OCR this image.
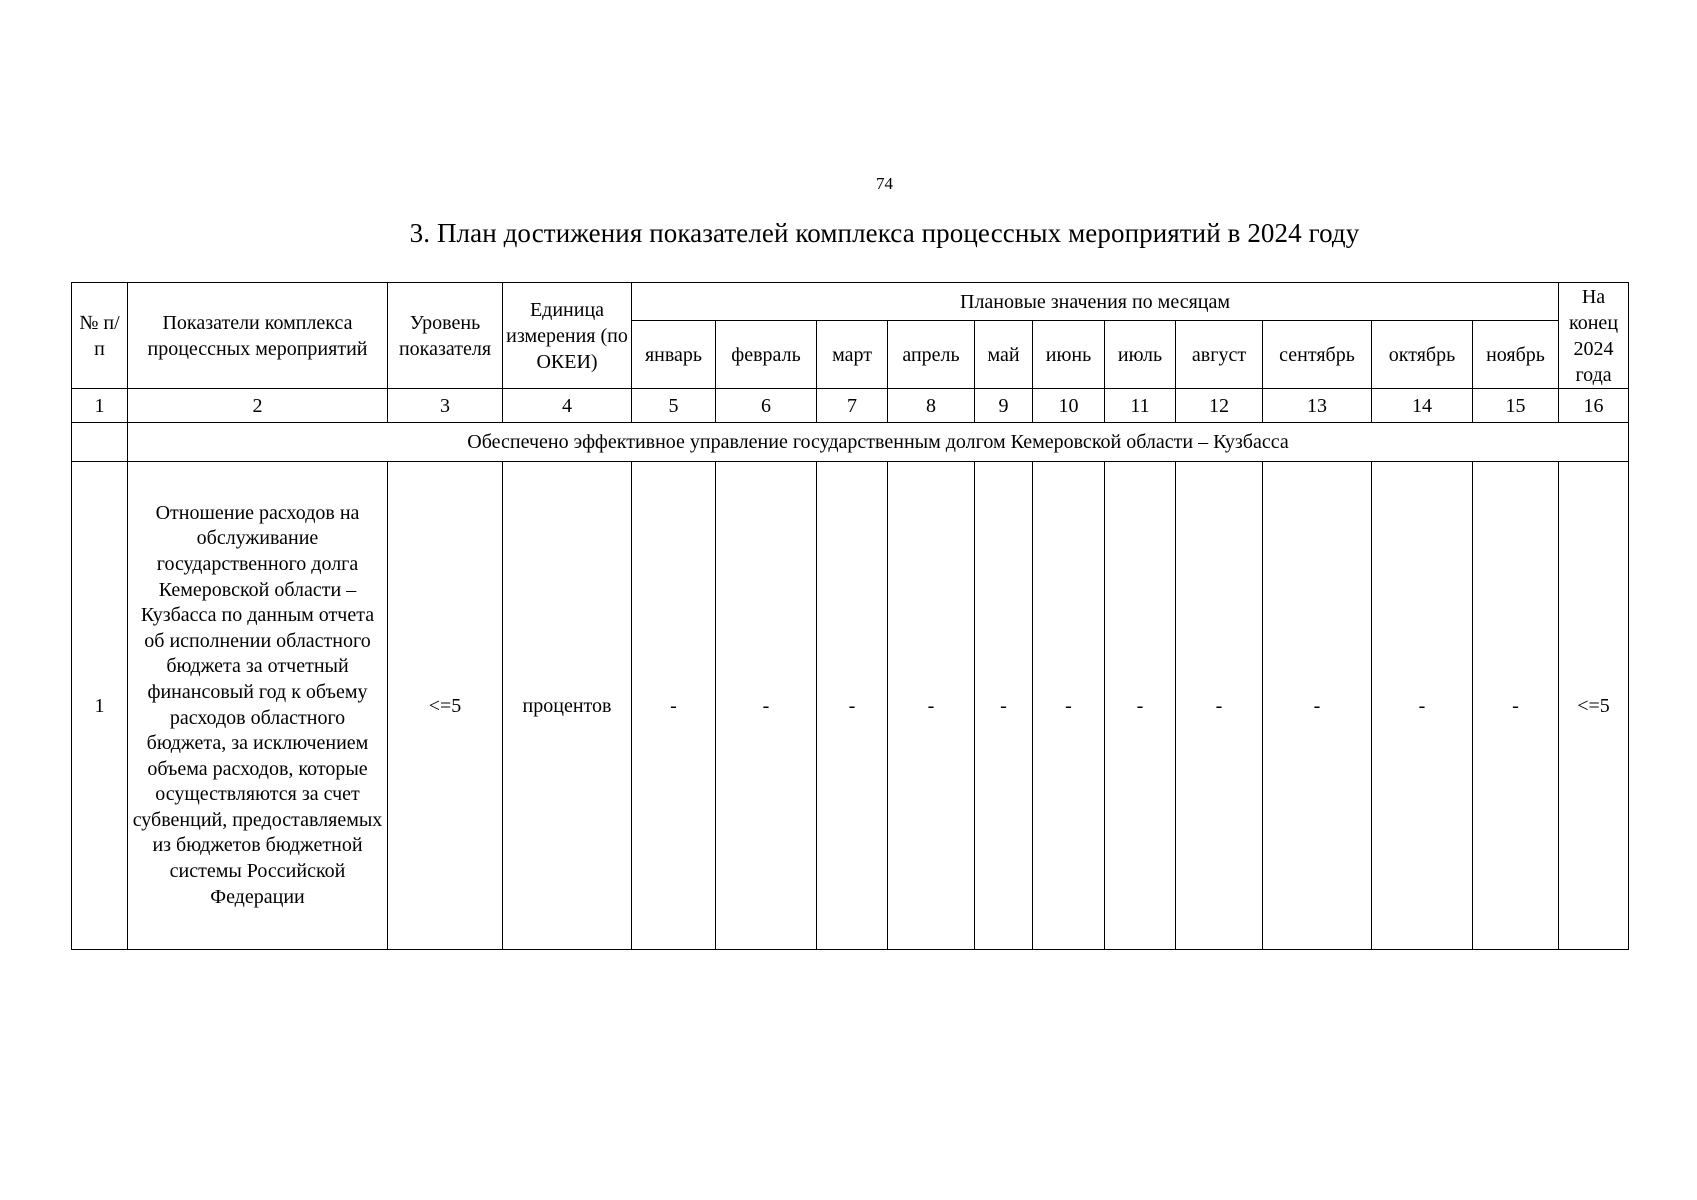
74
3. План достижения показателей комплекса процессных мероприятий в 2024 году
№ п/п	Показатели комплекса процессных мероприятий	Уровень показателя	Единица измерения (по ОКЕИ)	Плановые значения по месяцам											На конец 2024 года
				январь	февраль	март	апрель	май	июнь	июль	август	сентябрь	октябрь	ноябрь	
1	2	3	4	5	6	7	8	9	10	11	12	13	14	15	16
	Обеспечено эффективное управление государственным долгом Кемеровской области – Кузбасса														
1	Отношение расходов на обслуживание государственного долга Кемеровской области – Кузбасса по данным отчета об исполнении областного бюджета за отчетный финансовый год к объему расходов областного бюджета, за исключением объема расходов, которые осуществляются за счет субвенций, предоставляемых из бюджетов бюджетной системы Российской Федерации	<=5	процентов	-	-	-	-	-	-	-	-	-	-	-	<=5
